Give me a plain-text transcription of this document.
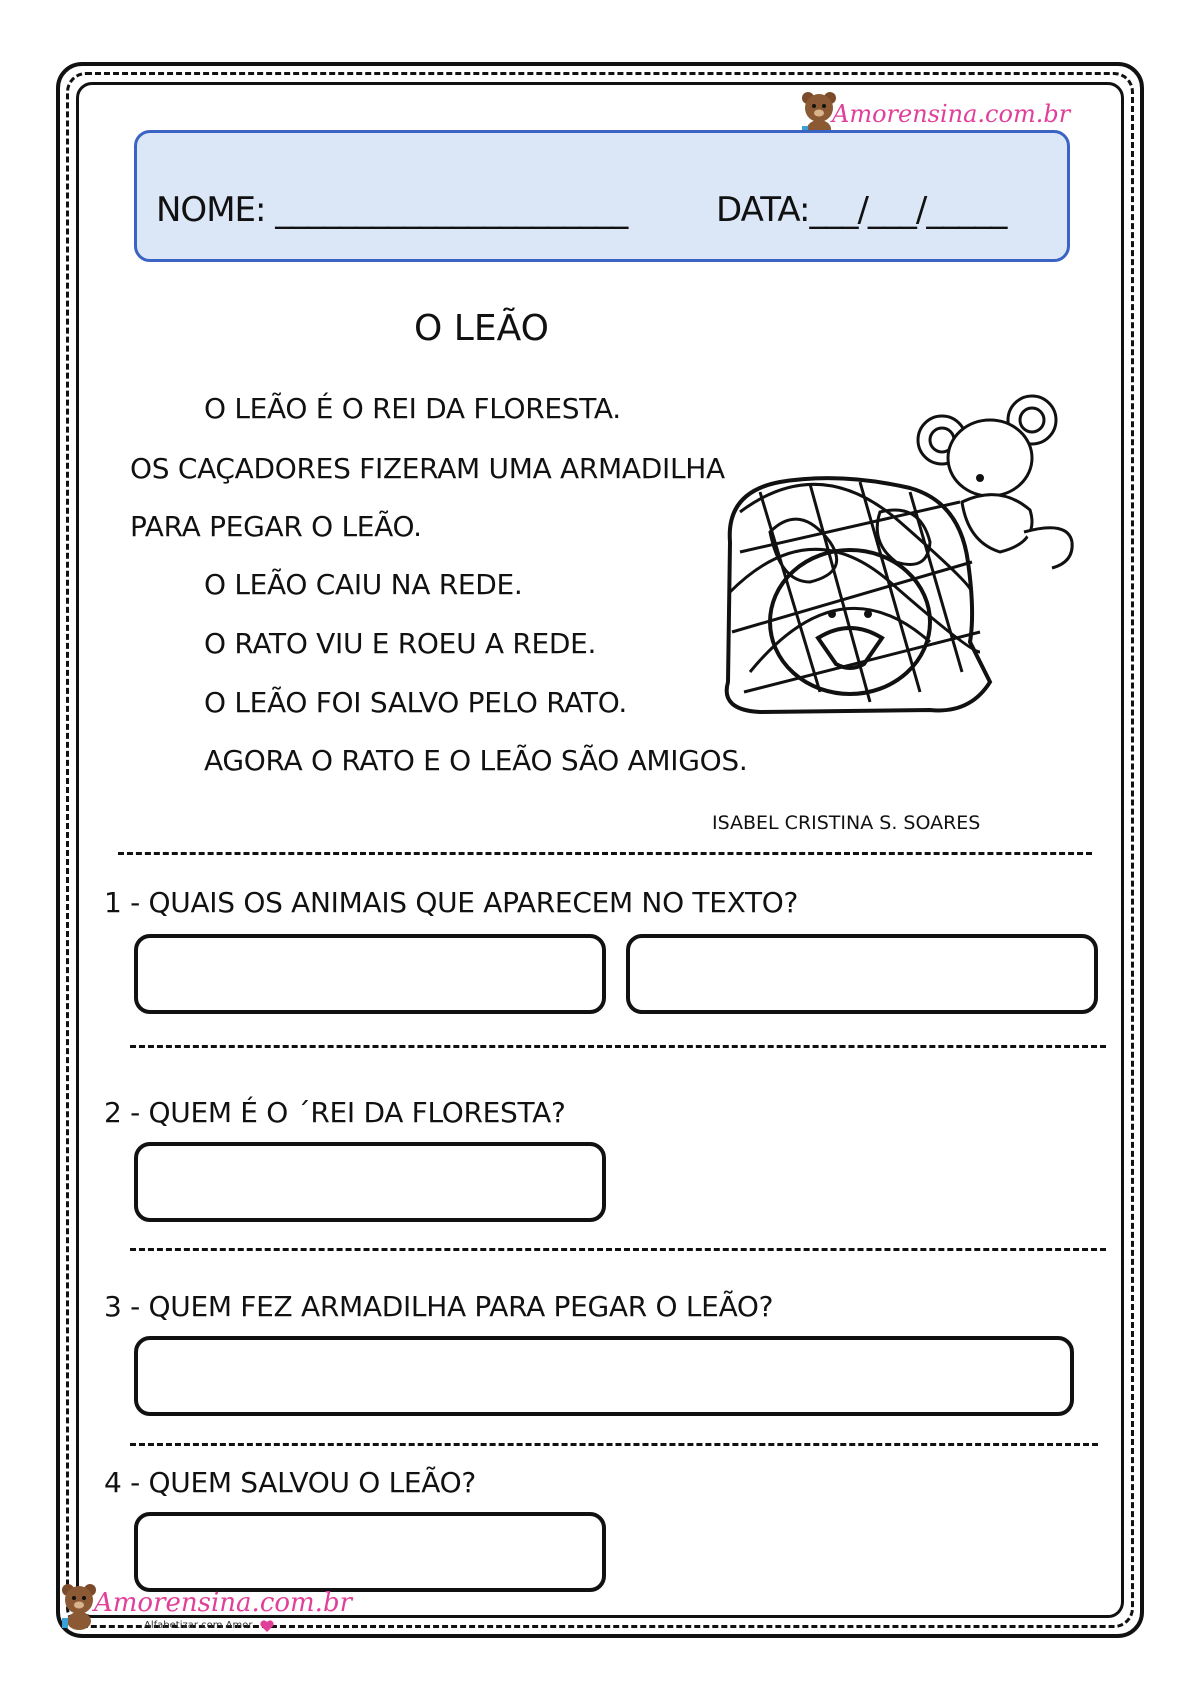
Amorensina.com.br
NOME: ______________________	DATA:___/___/_____
O LEÃO
O LEÃO É O REI DA FLORESTA.
OS CAÇADORES FIZERAM UMA ARMADILHA
PARA PEGAR O LEÃO.
O LEÃO CAIU NA REDE.
O RATO VIU E ROEU A REDE.
O LEÃO FOI SALVO PELO RATO.
AGORA O RATO E O LEÃO SÃO AMIGOS.
ISABEL CRISTINA S. SOARES
1 - QUAIS OS ANIMAIS QUE APARECEM NO TEXTO?
2 - QUEM É O ´REI DA FLORESTA?
3 - QUEM FEZ ARMADILHA PARA PEGAR O LEÃO?
4 - QUEM SALVOU O LEÃO?
Amorensina.com.br
Alfabetizar com Amor
